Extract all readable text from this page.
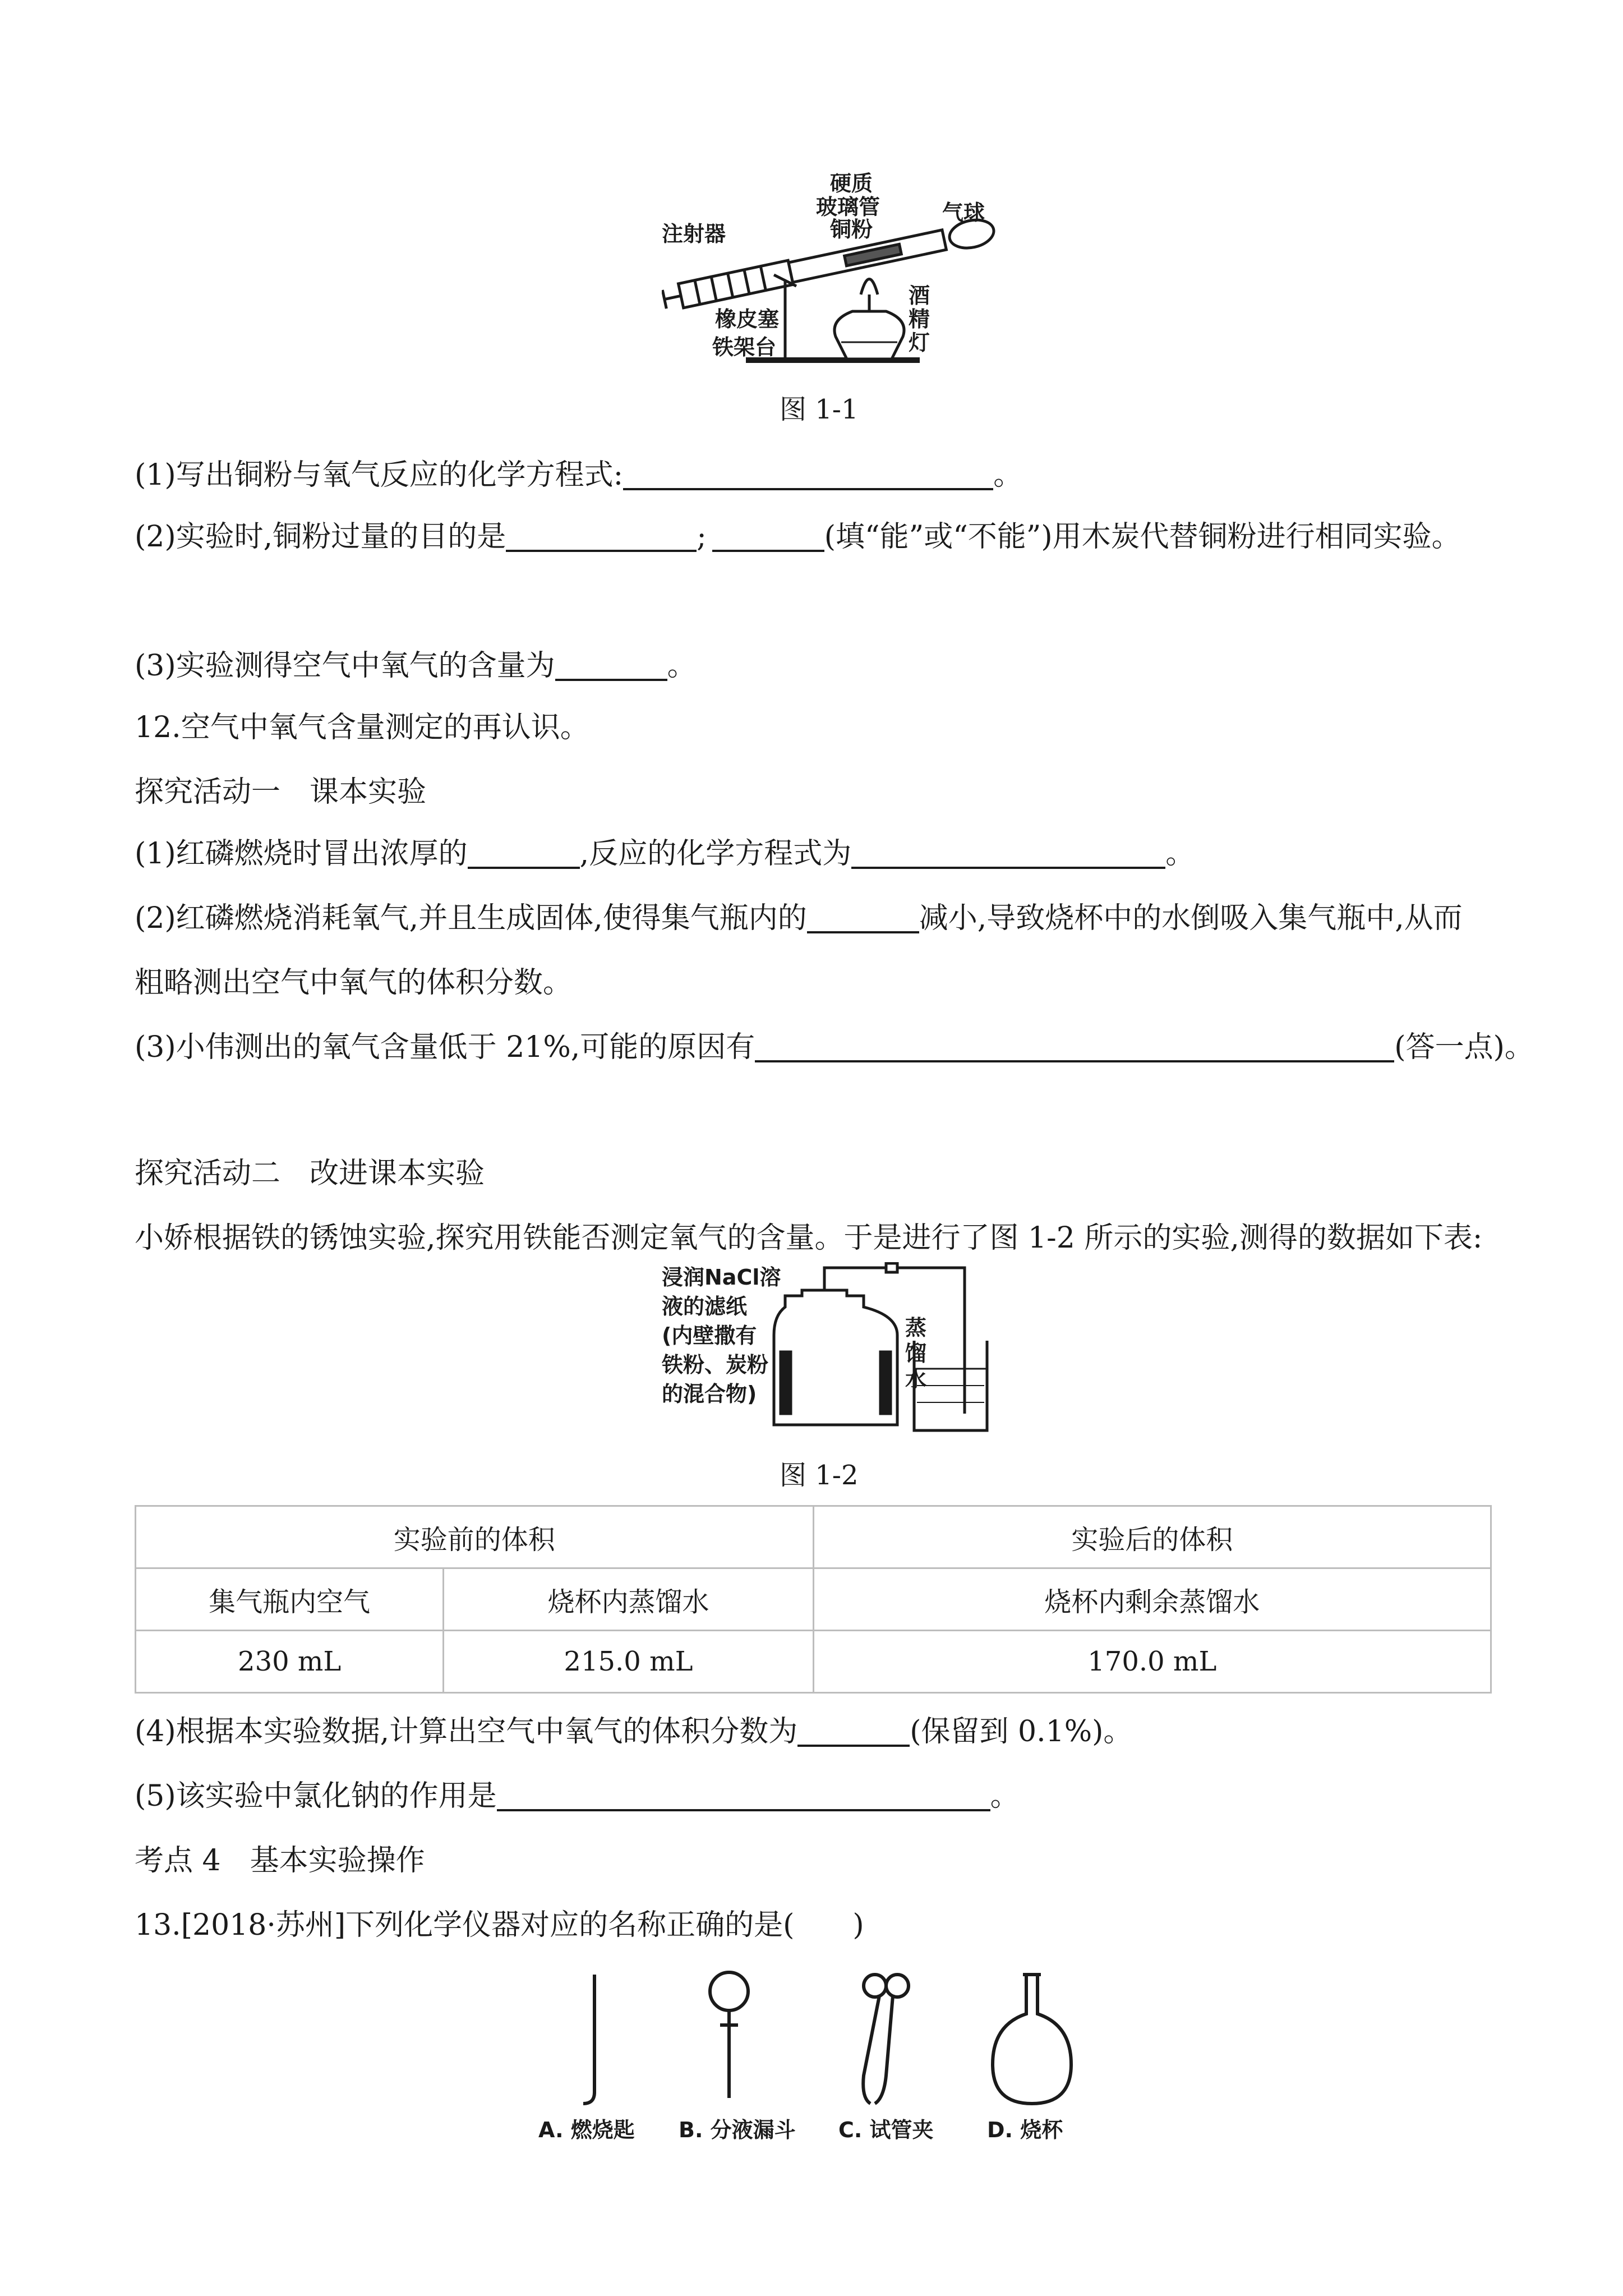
硬质
玻璃管	气球
注射器	铜粉
橡皮塞
铁架台
酒
精
灯
图 1-1
(1)写出铜粉与氧气反应的化学方程式:	。
(2)实验时,铜粉过量的目的是	;	(填“能”或“不能”)用木炭代替铜粉进行相同实验。
(3)实验测得空气中氧气的含量为	。
12.空气中氧气含量测定的再认识。
探究活动一　课本实验
(1)红磷燃烧时冒出浓厚的	,反应的化学方程式为	。
(2)红磷燃烧消耗氧气,并且生成固体,使得集气瓶内的	减小,导致烧杯中的水倒吸入集气瓶中,从而
粗略测出空气中氧气的体积分数。
(3)小伟测出的氧气含量低于 21%,可能的原因有	(答一点)。
探究活动二　改进课本实验
小娇根据铁的锈蚀实验,探究用铁能否测定氧气的含量。于是进行了图 1-2 所示的实验,测得的数据如下表:
浸润NaCl溶
液的滤纸
(内壁撒有
铁粉、炭粉
的混合物)
蒸
馏
水
图 1-2
实验前的体积		实验后的体积
集气瓶内空气	烧杯内蒸馏水	烧杯内剩余蒸馏水
230 mL	215.0 mL	170.0 mL
(4)根据本实验数据,计算出空气中氧气的体积分数为	(保留到 0.1%)。
(5)该实验中氯化钠的作用是	。
考点 4　基本实验操作
13.[2018·苏州]下列化学仪器对应的名称正确的是(　　)
A. 燃烧匙 B. 分液漏斗 C. 试管夹	D. 烧杯
